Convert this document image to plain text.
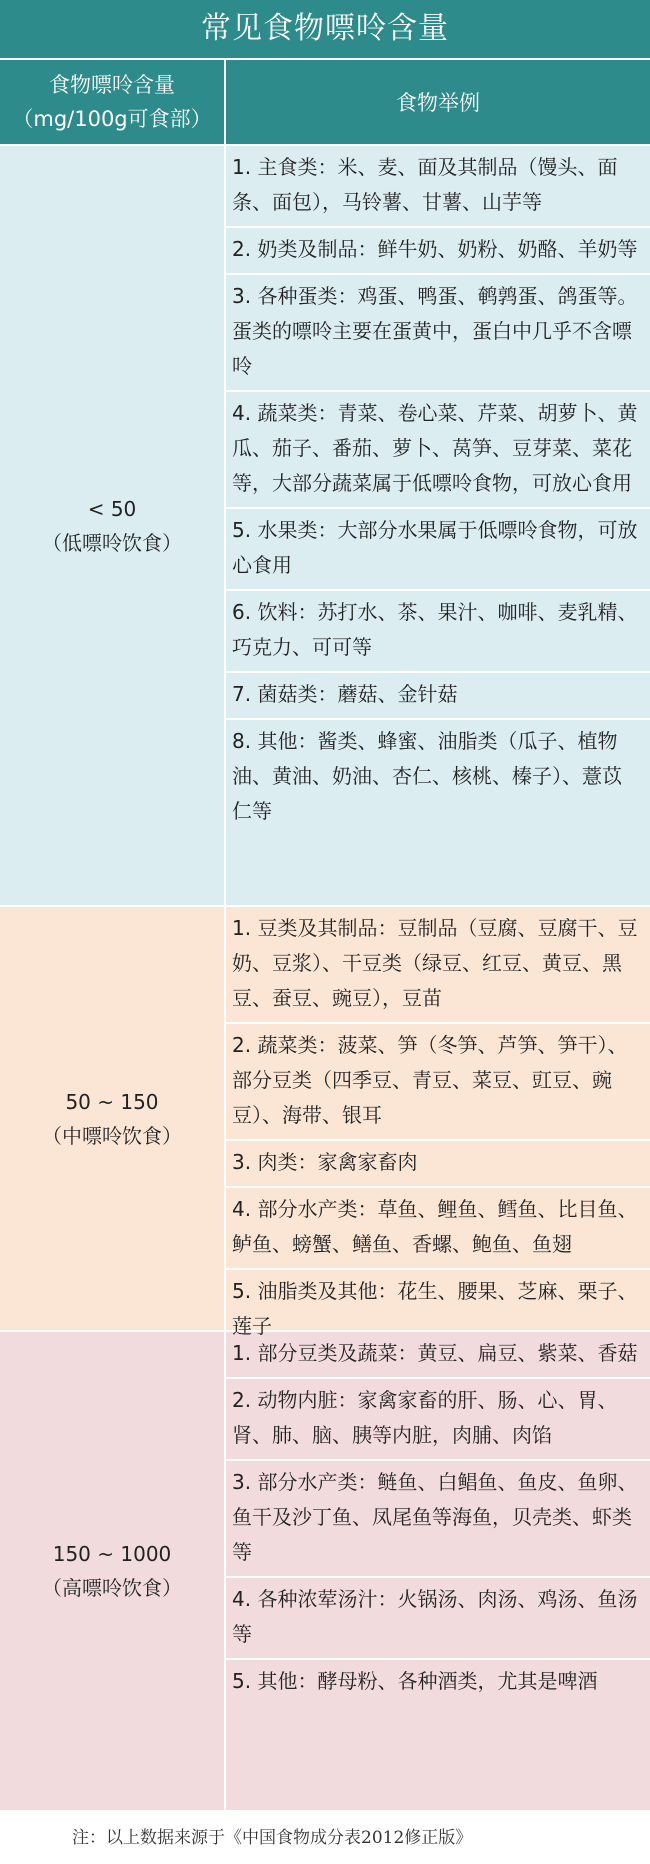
常见食物嘌呤含量
食物嘌呤含量
（mg/100g可食部）
食物举例
< 50
（低嘌呤饮食）
1. 主食类：米、麦、面及其制品（馒头、面条、面包），马铃薯、甘薯、山芋等
2. 奶类及制品：鲜牛奶、奶粉、奶酪、羊奶等
3. 各种蛋类：鸡蛋、鸭蛋、鹌鹑蛋、鸽蛋等。蛋类的嘌呤主要在蛋黄中，蛋白中几乎不含嘌呤
4. 蔬菜类：青菜、卷心菜、芹菜、胡萝卜、黄瓜、茄子、番茄、萝卜、莴笋、豆芽菜、菜花等，大部分蔬菜属于低嘌呤食物，可放心食用
5. 水果类：大部分水果属于低嘌呤食物，可放心食用
6. 饮料：苏打水、茶、果汁、咖啡、麦乳精、巧克力、可可等
7. 菌菇类：蘑菇、金针菇
8. 其他：酱类、蜂蜜、油脂类（瓜子、植物油、黄油、奶油、杏仁、核桃、榛子）、薏苡仁等
50 ~ 150
（中嘌呤饮食）
1. 豆类及其制品：豆制品（豆腐、豆腐干、豆奶、豆浆）、干豆类（绿豆、红豆、黄豆、黑豆、蚕豆、豌豆），豆苗
2. 蔬菜类：菠菜、笋（冬笋、芦笋、笋干）、部分豆类（四季豆、青豆、菜豆、豇豆、豌豆）、海带、银耳
3. 肉类：家禽家畜肉
4. 部分水产类：草鱼、鲤鱼、鳕鱼、比目鱼、鲈鱼、螃蟹、鳝鱼、香螺、鲍鱼、鱼翅
5. 油脂类及其他：花生、腰果、芝麻、栗子、莲子
150 ~ 1000
（高嘌呤饮食）
1. 部分豆类及蔬菜：黄豆、扁豆、紫菜、香菇
2. 动物内脏：家禽家畜的肝、肠、心、胃、肾、肺、脑、胰等内脏，肉脯、肉馅
3. 部分水产类：鲢鱼、白鲳鱼、鱼皮、鱼卵、鱼干及沙丁鱼、凤尾鱼等海鱼，贝壳类、虾类等
4. 各种浓荤汤汁：火锅汤、肉汤、鸡汤、鱼汤等
5. 其他：酵母粉、各种酒类，尤其是啤酒
注：以上数据来源于《中国食物成分表2012修正版》
